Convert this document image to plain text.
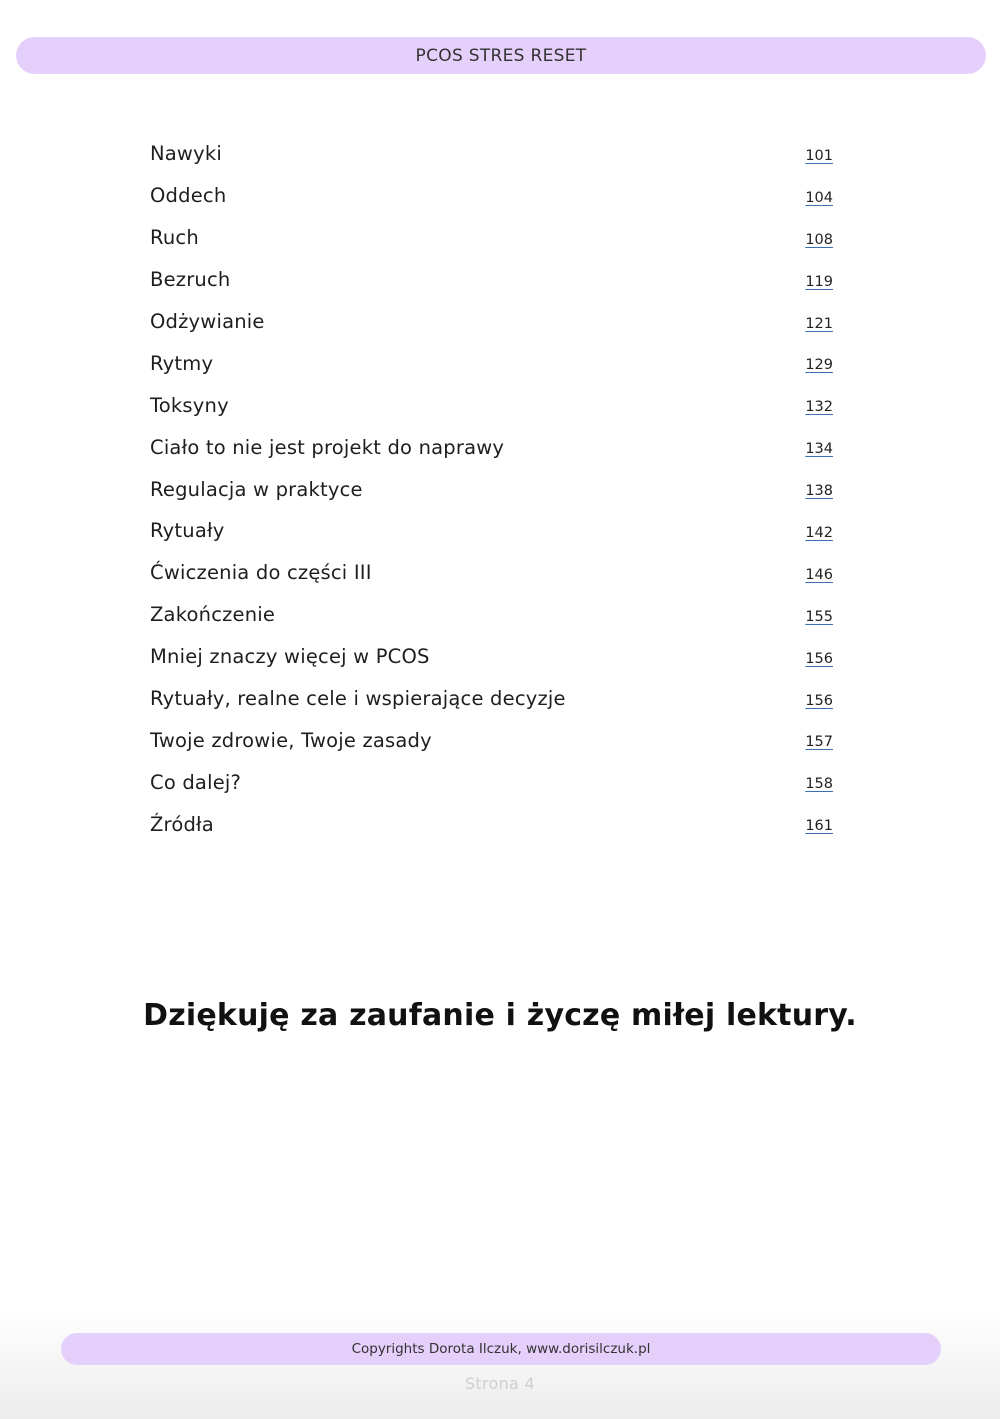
PCOS STRES RESET
Nawyki	101
Oddech	104
Ruch	108
Bezruch	119
Odżywianie	121
Rytmy	129
Toksyny	132
Ciało to nie jest projekt do naprawy	134
Regulacja w praktyce	138
Rytuały	142
Ćwiczenia do części III	146
Zakończenie	155
Mniej znaczy więcej w PCOS	156
Rytuały, realne cele i wspierające decyzje	156
Twoje zdrowie, Twoje zasady	157
Co dalej?	158
Źródła	161
Dziękuję za zaufanie i życzę miłej lektury.
Copyrights Dorota Ilczuk, www.dorisilczuk.pl
Strona 4
